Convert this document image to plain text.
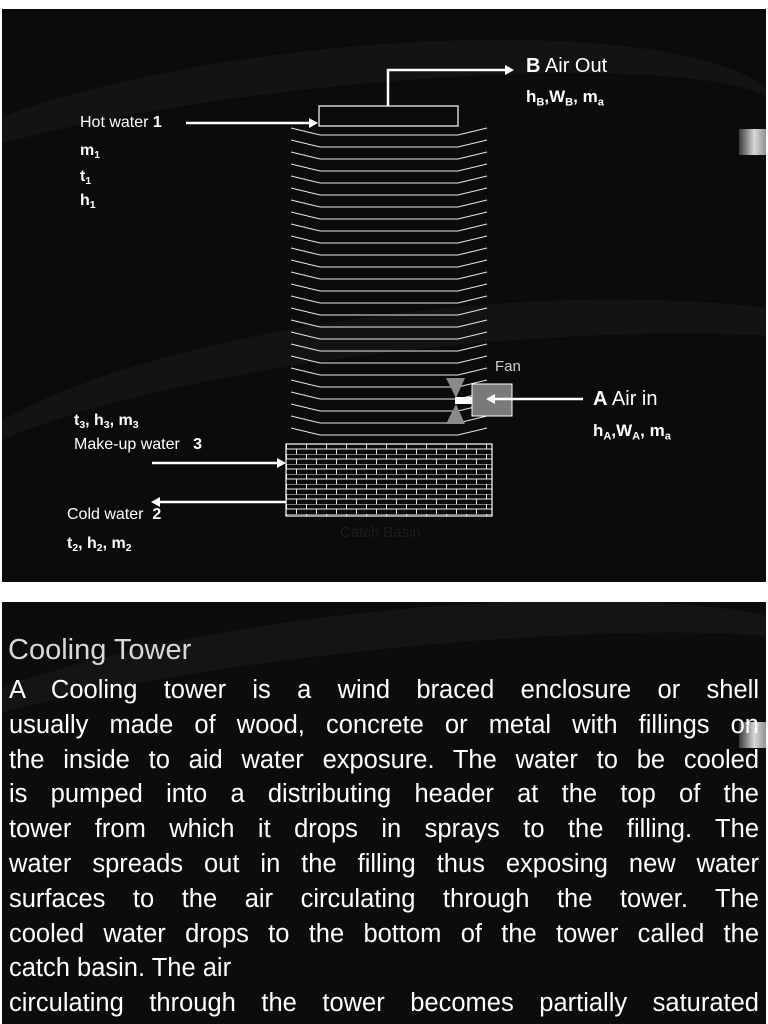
B Air Out
$h_B,W_B$, $m_a$
Hot water 1
$m_1$
$t_1$
$h_1$
Fan
A Air in
$h_A,W_A$, $m_a$
$t_3$, $h_3$, $m_3$
Make-up water 3
Cold water 2
$t_2$, $h_2$, $m_2$
Catch Basin
Cooling Tower
A Cooling tower is a wind braced enclosure or shell
usually made of wood, concrete or metal with fillings on
the inside to aid water exposure. The water to be cooled
is pumped into a distributing header at the top of the
tower from which it drops in sprays to the filling. The
water spreads out in the filling thus exposing new water
surfaces to the air circulating through the tower. The
cooled water drops to the bottom of the tower called the
catch basin. The air
circulating through the tower becomes partially saturated
